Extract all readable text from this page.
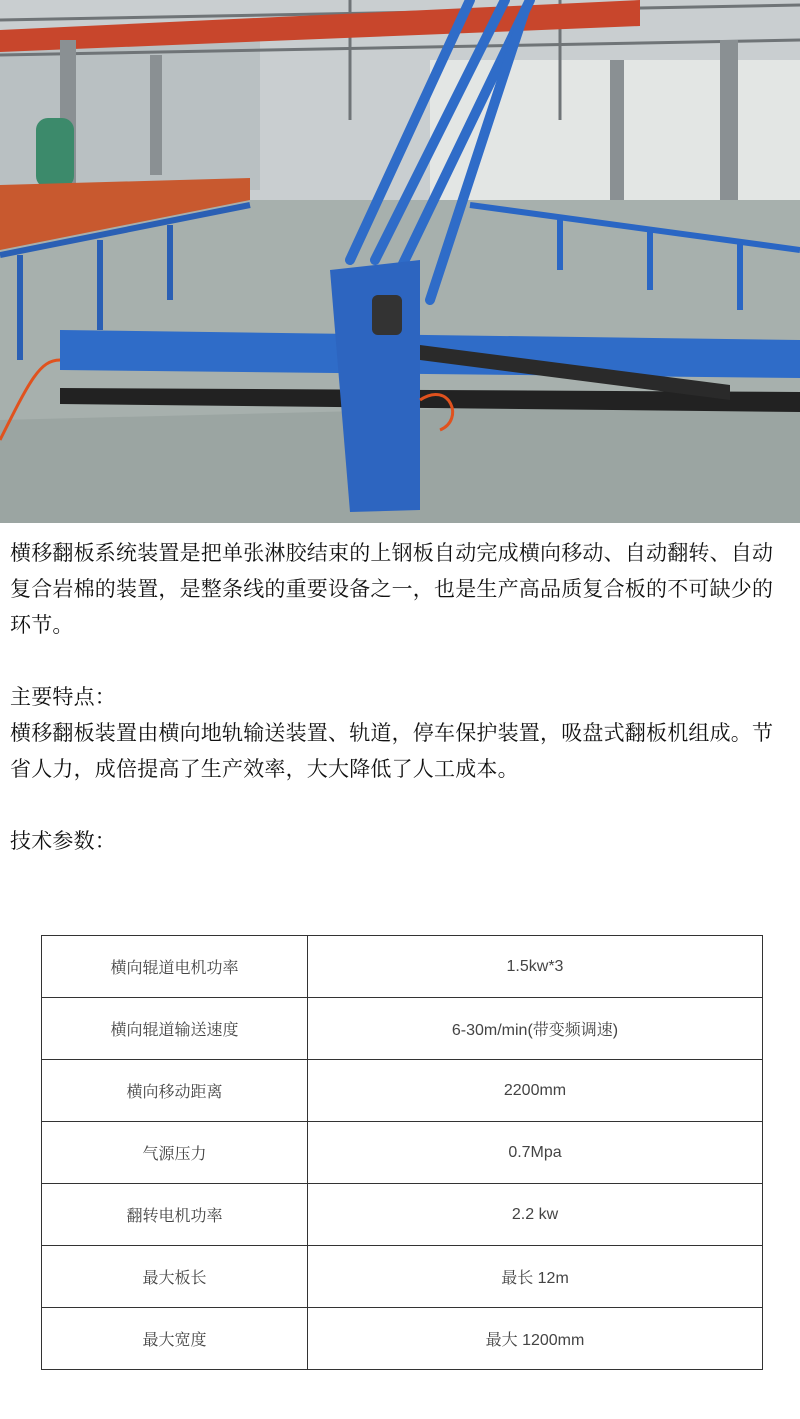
横移翻板系统装置是把单张淋胶结束的上钢板自动完成横向移动、自动翻转、自动复合岩棉的装置，是整条线的重要设备之一，也是生产高品质复合板的不可缺少的环节。
主要特点：
横移翻板装置由横向地轨输送装置、轨道，停车保护装置，吸盘式翻板机组成。节省人力，成倍提高了生产效率，大大降低了人工成本。
技术参数：
横向辊道电机功率	1.5kw*3
横向辊道输送速度	6-30m/min(带变频调速)
横向移动距离	2200mm
气源压力	0.7Mpa
翻转电机功率	2.2 kw
最大板长	最长 12m
最大宽度	最大 1200mm
